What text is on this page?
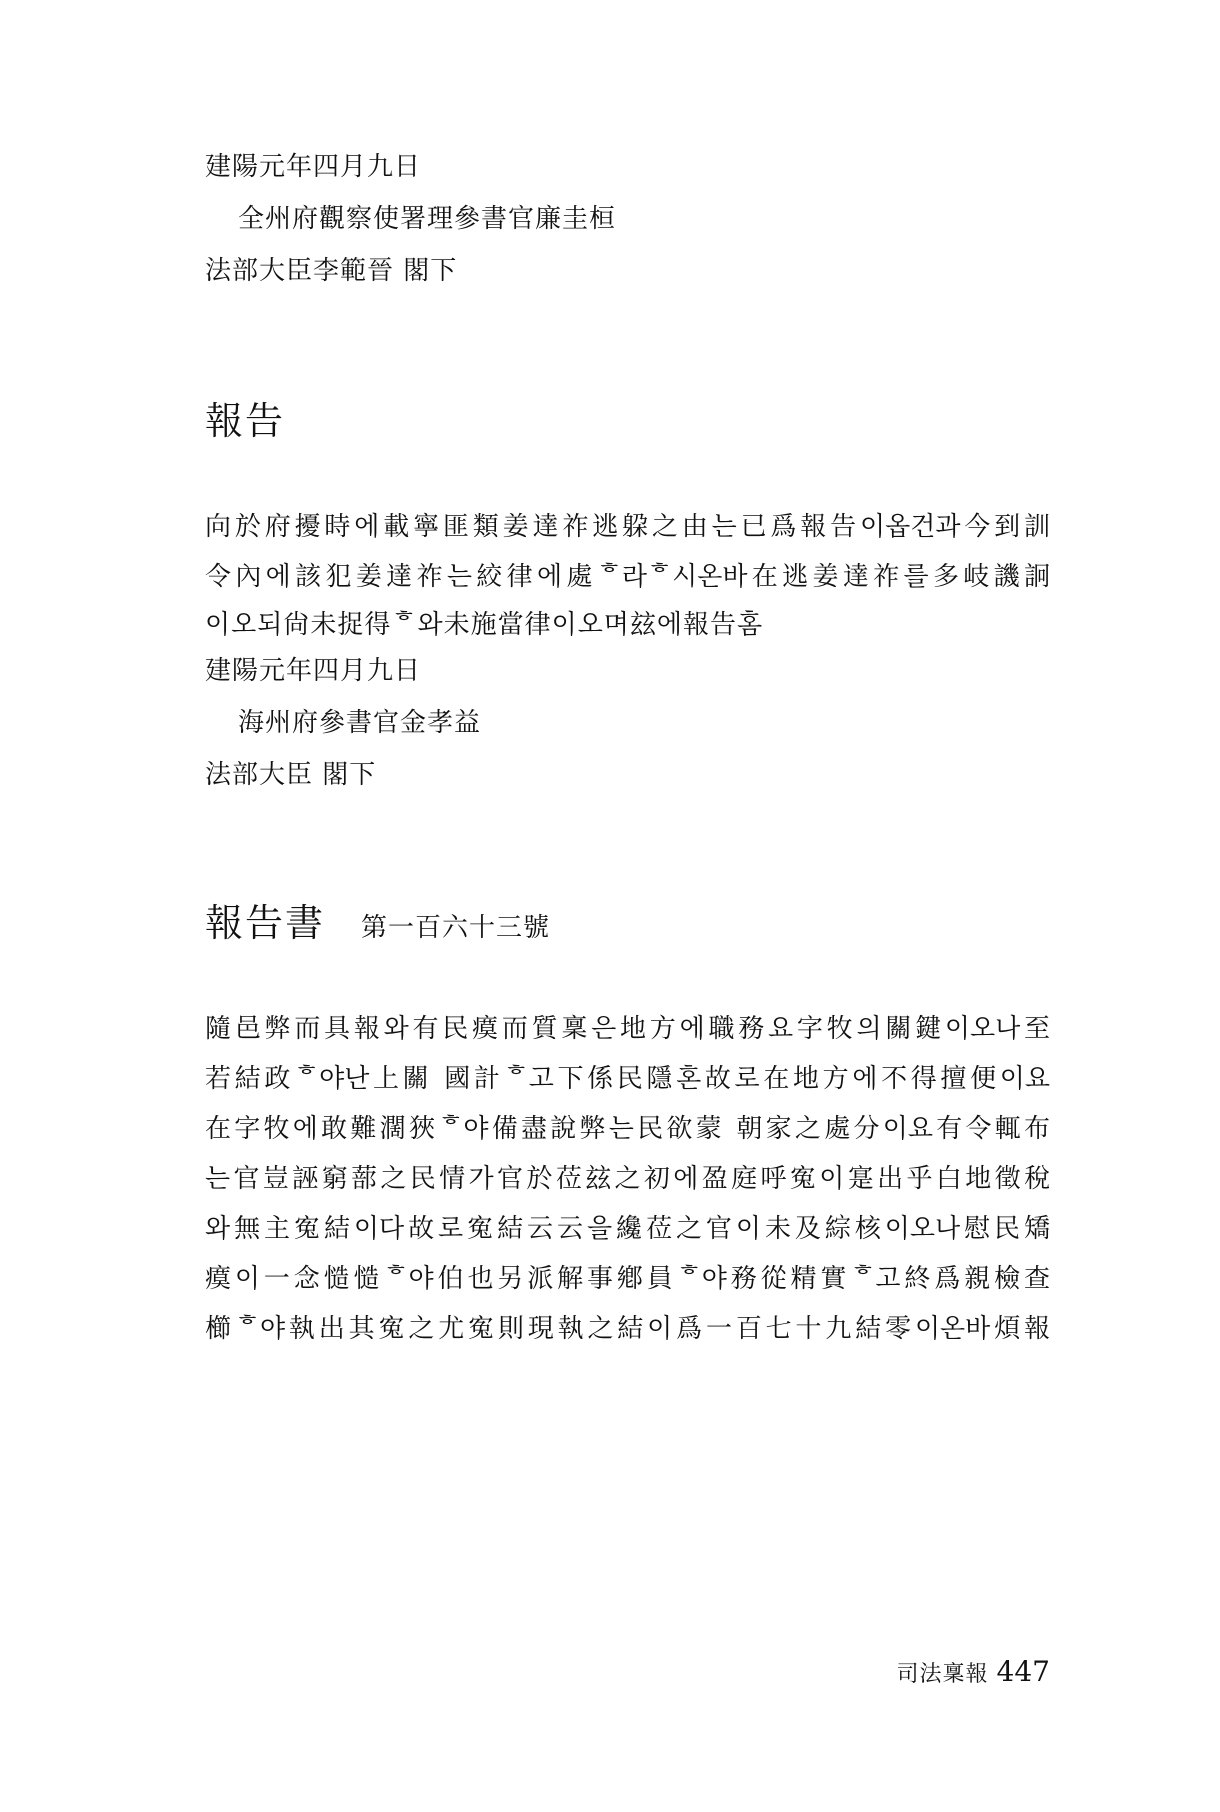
建陽元年四月九日
全州府觀察使署理參書官廉圭桓
法部大臣李範晉 閣下
報告
向於府擾時에載寧匪類姜達祚逃躱之由는已爲報告이옵건과今到訓
令內에該犯姜達祚는絞律에處ᄒ라ᄒ시온바在逃姜達祚를多岐譏詗
이오되尙未捉得ᄒ와未施當律이오며玆에報告홈
建陽元年四月九日
海州府參書官金孝益
法部大臣 閣下
報告書 第一百六十三號
隨邑弊而具報와有民瘼而質稟은地方에職務요字牧의關鍵이오나至
若結政ᄒ야난上關 國計ᄒ고下係民隱혼故로在地方에不得擅便이요
在字牧에敢難濶狹ᄒ야備盡說弊는民欲蒙 朝家之處分이요有令輒布
는官豈誣窮蔀之民情가官於莅玆之初에盈庭呼寃이寔出乎白地徵稅
와無主寃結이다故로寃結云云을纔莅之官이未及綜核이오나慰民矯
瘼이一念慥慥ᄒ야伯也另派解事鄕員ᄒ야務從精實ᄒ고終爲親檢查
櫛ᄒ야執出其寃之尤寃則現執之結이爲一百七十九結零이온바煩報
司法稟報 447
